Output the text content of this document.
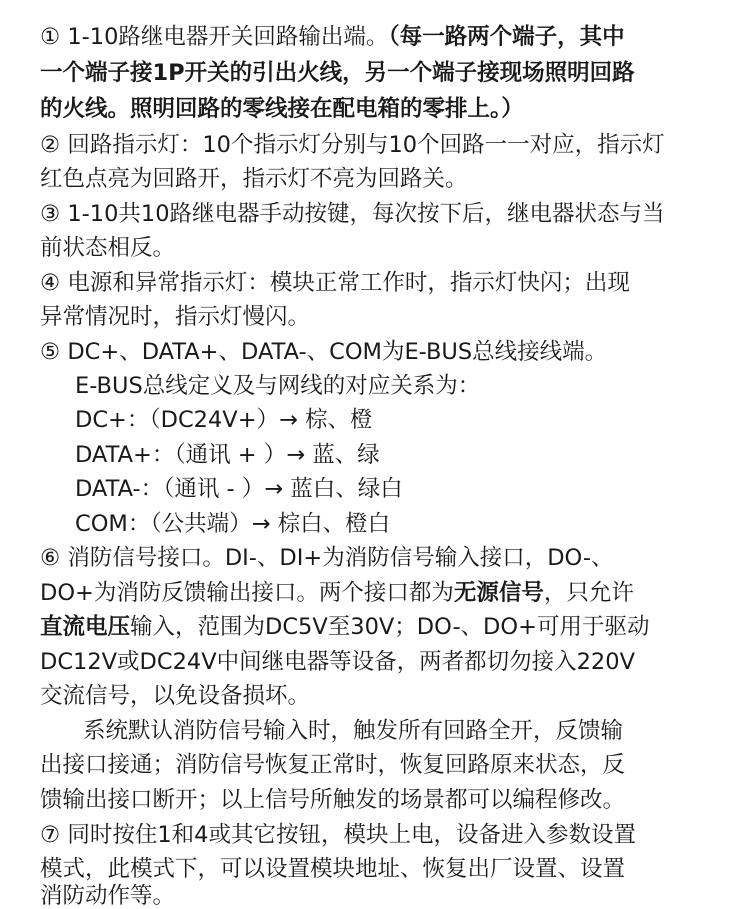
① 1-10路继电器开关回路输出端。（每一路两个端子，其中
一个端子接1P开关的引出火线，另一个端子接现场照明回路
的火线。照明回路的零线接在配电箱的零排上。）
② 回路指示灯：10个指示灯分别与10个回路一一对应，指示灯
红色点亮为回路开，指示灯不亮为回路关。
③ 1-10共10路继电器手动按键，每次按下后，继电器状态与当
前状态相反。
④ 电源和异常指示灯：模块正常工作时，指示灯快闪；出现
异常情况时，指示灯慢闪。
⑤ DC+、DATA+、DATA-、COM为E-BUS总线接线端。
E-BUS总线定义及与网线的对应关系为：
DC+：（DC24V+）→ 棕、橙
DATA+：（通讯 + ）→ 蓝、绿
DATA-：（通讯 - ）→ 蓝白、绿白
COM：（公共端）→ 棕白、橙白
⑥ 消防信号接口。DI-、DI+为消防信号输入接口，DO-、
DO+为消防反馈输出接口。两个接口都为无源信号，只允许
直流电压输入，范围为DC5V至30V；DO-、DO+可用于驱动
DC12V或DC24V中间继电器等设备，两者都切勿接入220V
交流信号，以免设备损坏。
系统默认消防信号输入时，触发所有回路全开，反馈输
出接口接通；消防信号恢复正常时，恢复回路原来状态，反
馈输出接口断开；以上信号所触发的场景都可以编程修改。
⑦ 同时按住1和4或其它按钮，模块上电，设备进入参数设置
模式，此模式下，可以设置模块地址、恢复出厂设置、设置
消防动作等。
